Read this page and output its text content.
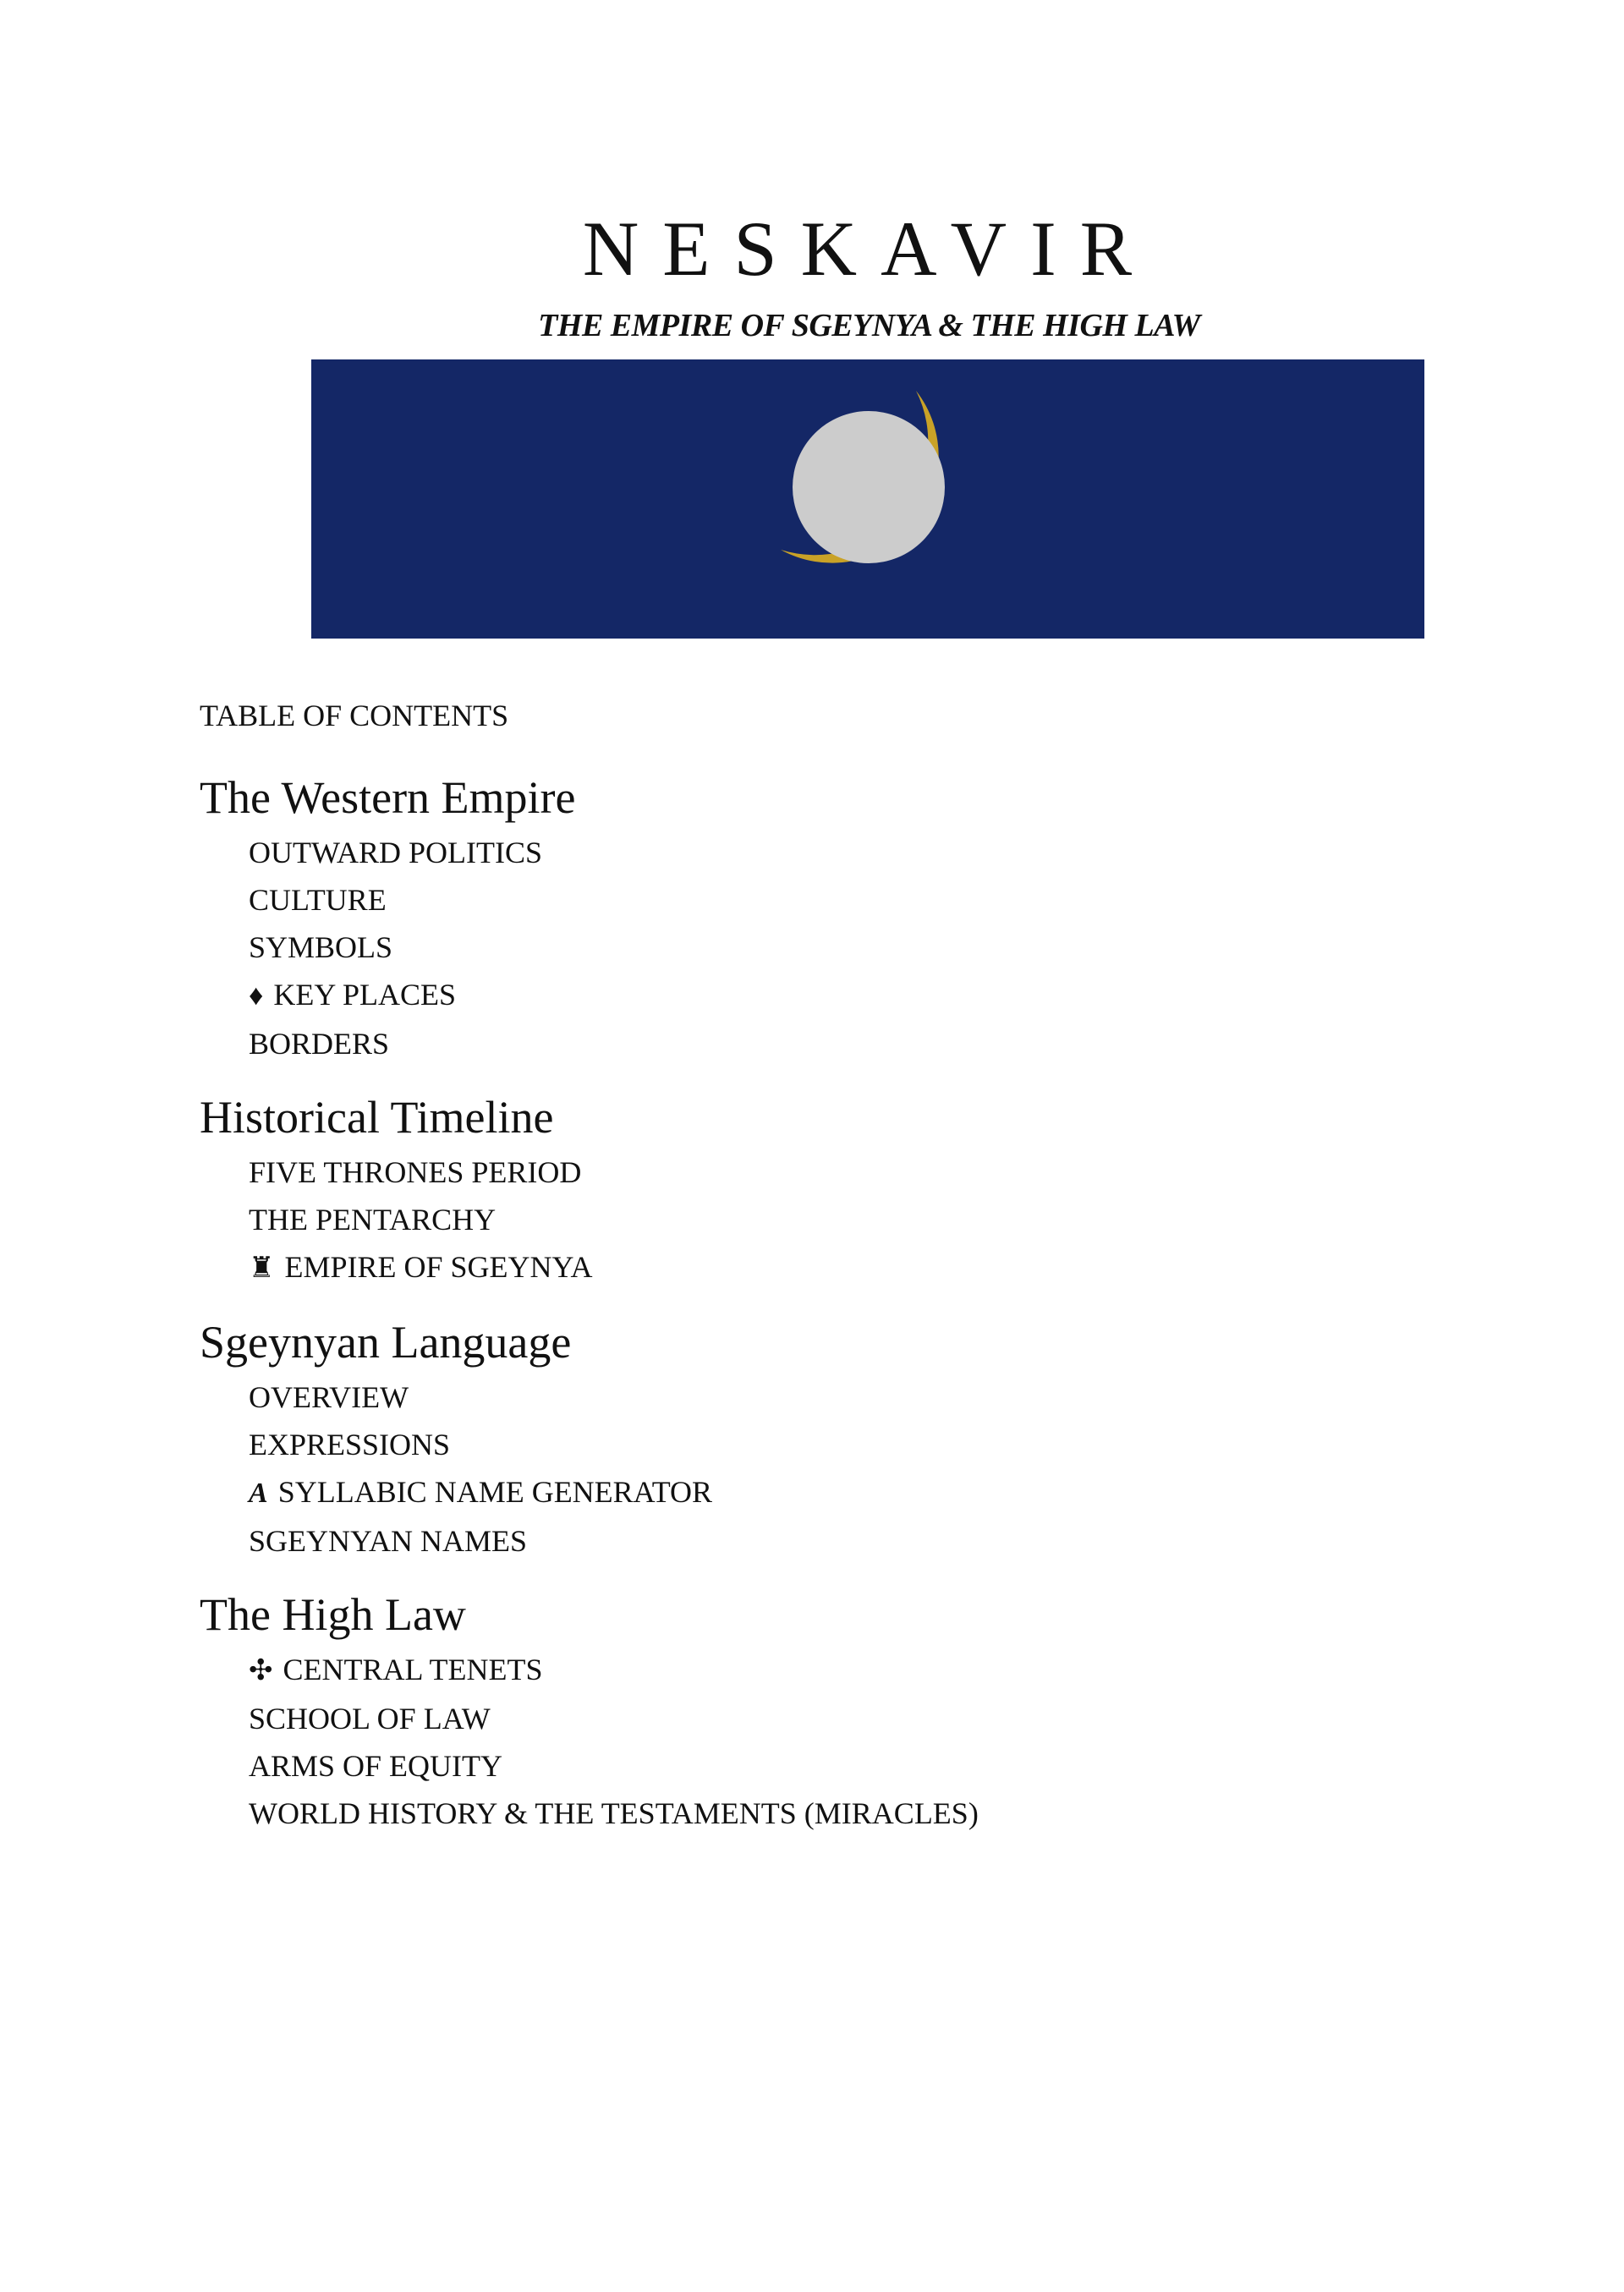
NESKAVIR
THE EMPIRE OF SGEYNYA & THE HIGH LAW
TABLE OF CONTENTS
The Western Empire
OUTWARD POLITICS
CULTURE
SYMBOLS
♦ KEY PLACES
BORDERS
Historical Timeline
FIVE THRONES PERIOD
THE PENTARCHY
♜ EMPIRE OF SGEYNYA
Sgeynyan Language
OVERVIEW
EXPRESSIONS
A SYLLABIC NAME GENERATOR
SGEYNYAN NAMES
The High Law
✣ CENTRAL TENETS
SCHOOL OF LAW
ARMS OF EQUITY
WORLD HISTORY & THE TESTAMENTS (MIRACLES)
